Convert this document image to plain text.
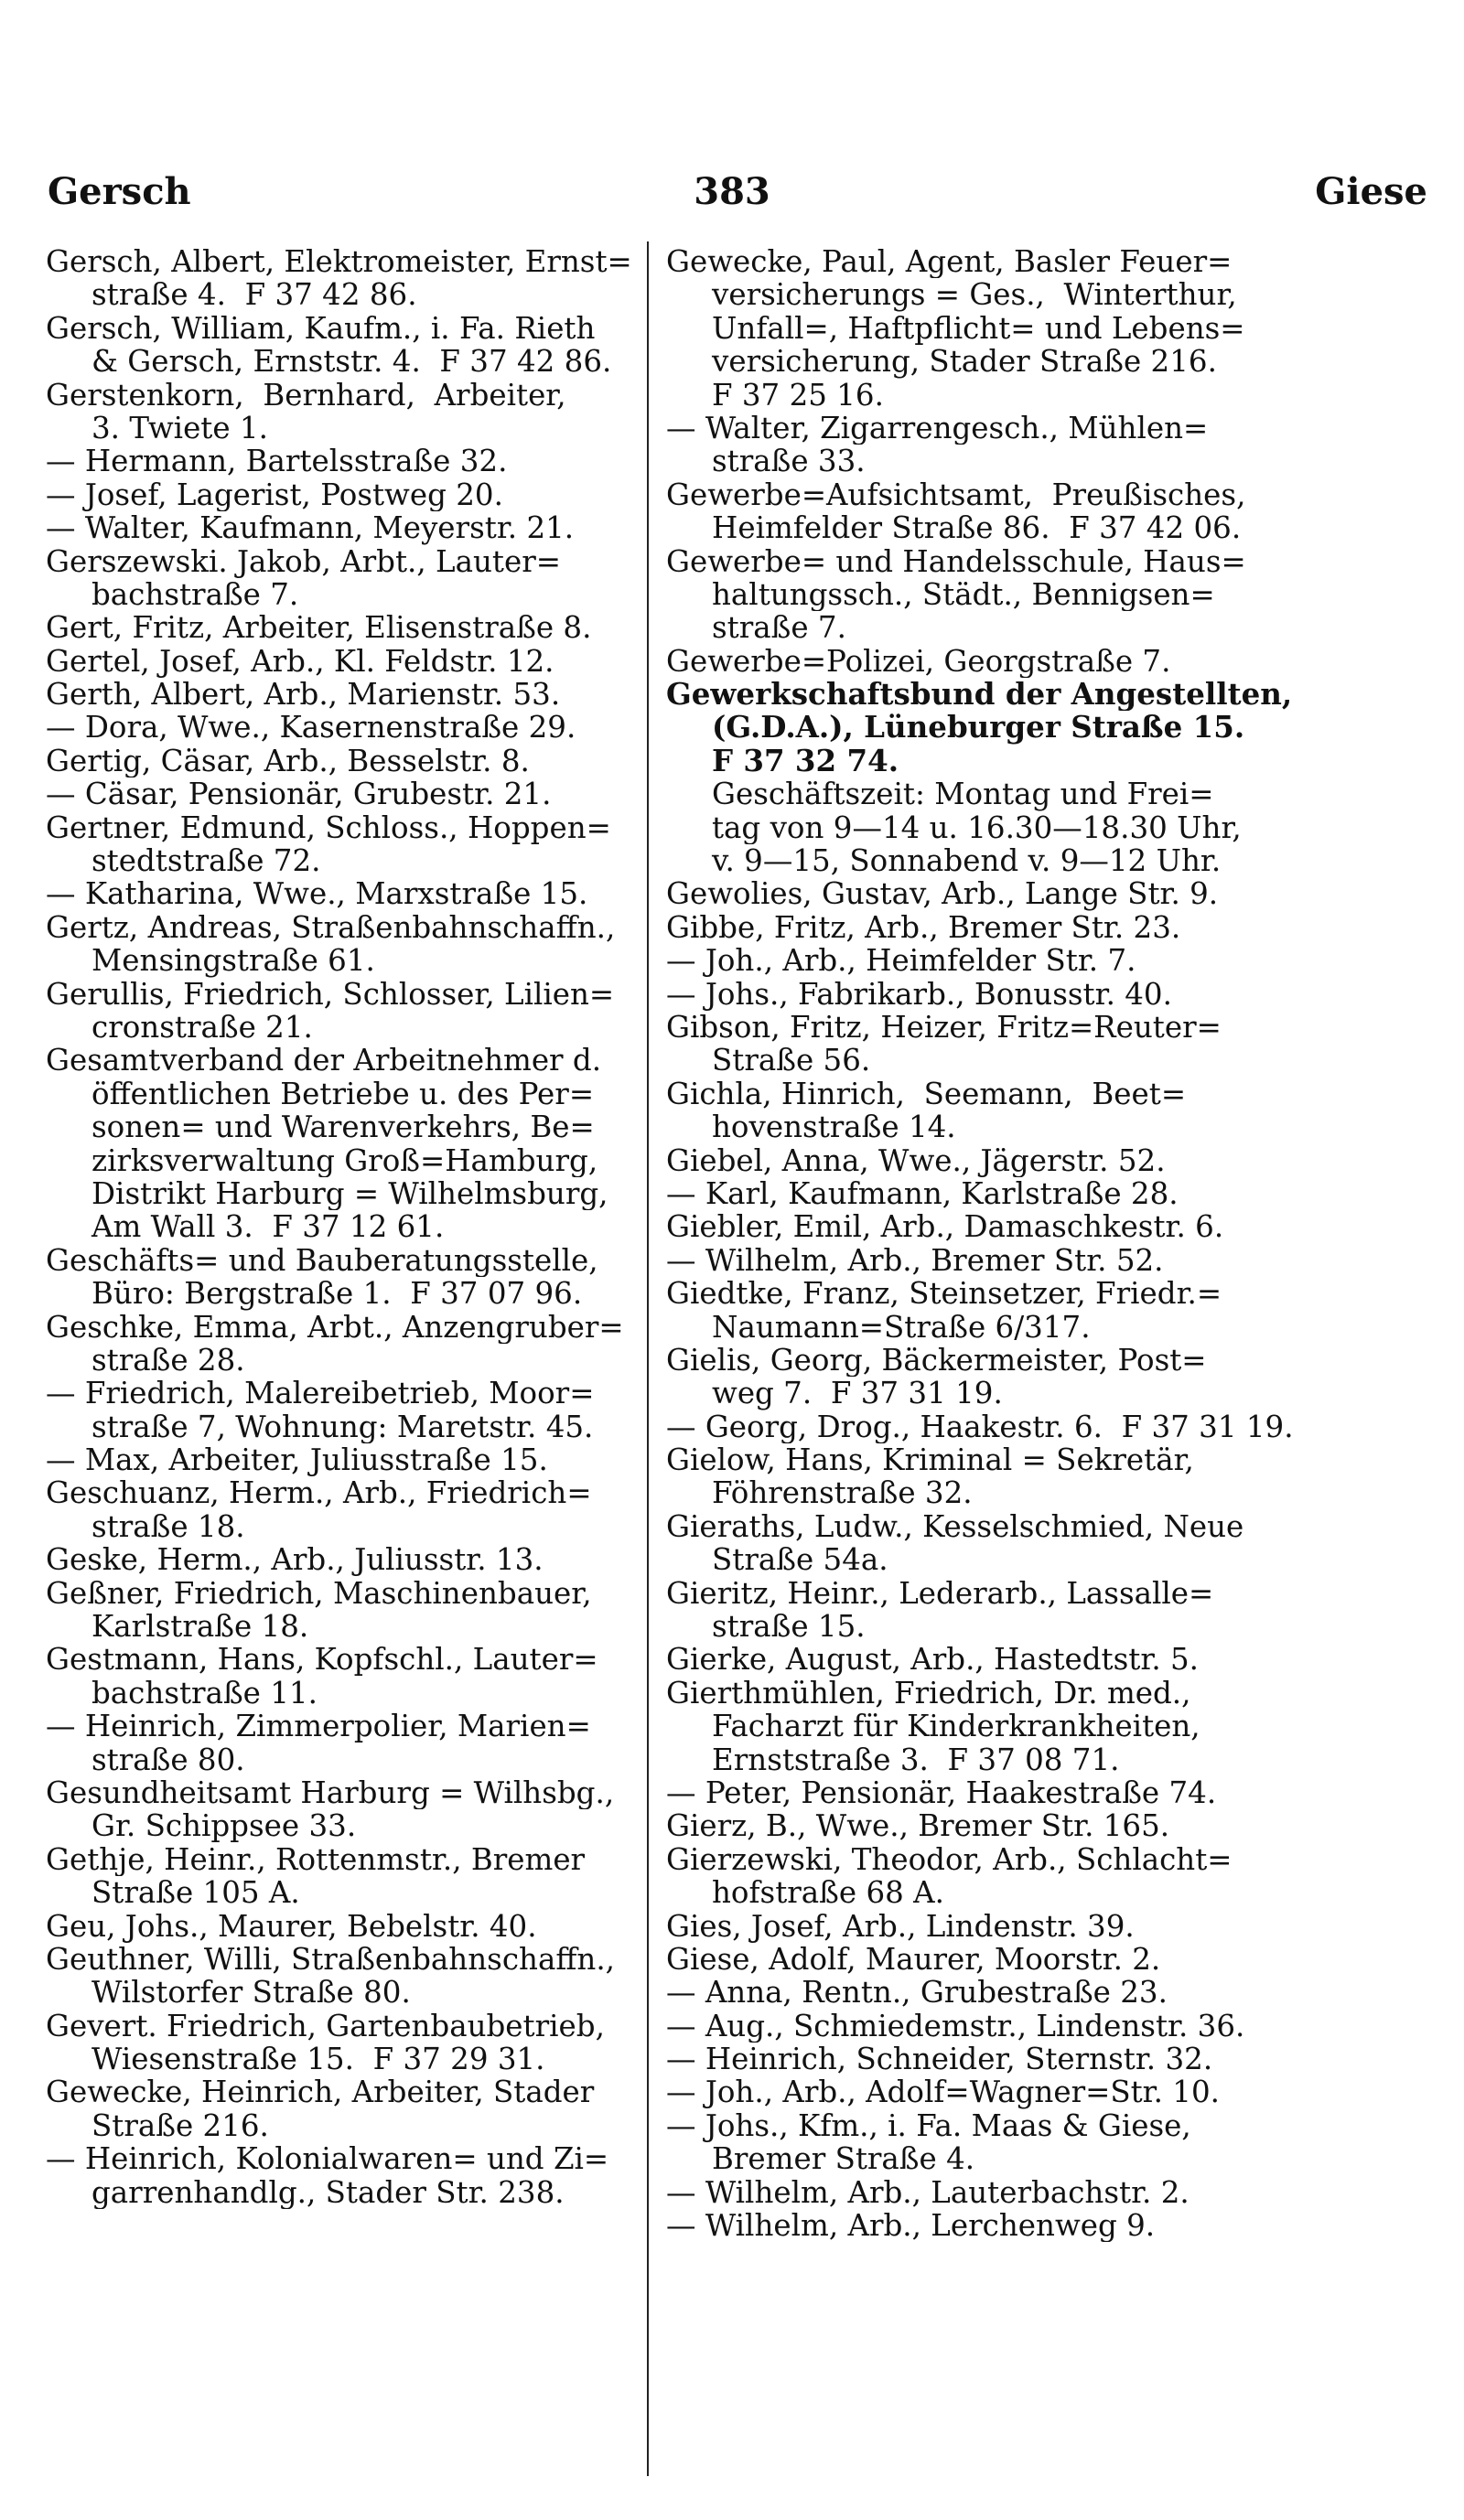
Gersch	383	Giese
Gersch, Albert, Elektromeister, Ernst=
straße 4.  F 37 42 86.
Gersch, William, Kaufm., i. Fa. Rieth
& Gersch, Ernststr. 4.  F 37 42 86.
Gerstenkorn,  Bernhard,  Arbeiter,
3. Twiete 1.
— Hermann, Bartelsstraße 32.
— Josef, Lagerist, Postweg 20.
— Walter, Kaufmann, Meyerstr. 21.
Gerszewski. Jakob, Arbt., Lauter=
bachstraße 7.
Gert, Fritz, Arbeiter, Elisenstraße 8.
Gertel, Josef, Arb., Kl. Feldstr. 12.
Gerth, Albert, Arb., Marienstr. 53.
— Dora, Wwe., Kasernenstraße 29.
Gertig, Cäsar, Arb., Besselstr. 8.
— Cäsar, Pensionär, Grubestr. 21.
Gertner, Edmund, Schloss., Hoppen=
stedtstraße 72.
— Katharina, Wwe., Marxstraße 15.
Gertz, Andreas, Straßenbahnschaffn.,
Mensingstraße 61.
Gerullis, Friedrich, Schlosser, Lilien=
cronstraße 21.
Gesamtverband der Arbeitnehmer d.
öffentlichen Betriebe u. des Per=
sonen= und Warenverkehrs, Be=
zirksverwaltung Groß=Hamburg,
Distrikt Harburg = Wilhelmsburg,
Am Wall 3.  F 37 12 61.
Geschäfts= und Bauberatungsstelle,
Büro: Bergstraße 1.  F 37 07 96.
Geschke, Emma, Arbt., Anzengruber=
straße 28.
— Friedrich, Malereibetrieb, Moor=
straße 7, Wohnung: Maretstr. 45.
— Max, Arbeiter, Juliusstraße 15.
Geschuanz, Herm., Arb., Friedrich=
straße 18.
Geske, Herm., Arb., Juliusstr. 13.
Geßner, Friedrich, Maschinenbauer,
Karlstraße 18.
Gestmann, Hans, Kopfschl., Lauter=
bachstraße 11.
— Heinrich, Zimmerpolier, Marien=
straße 80.
Gesundheitsamt Harburg = Wilhsbg.,
Gr. Schippsee 33.
Gethje, Heinr., Rottenmstr., Bremer
Straße 105 A.
Geu, Johs., Maurer, Bebelstr. 40.
Geuthner, Willi, Straßenbahnschaffn.,
Wilstorfer Straße 80.
Gevert. Friedrich, Gartenbaubetrieb,
Wiesenstraße 15.  F 37 29 31.
Gewecke, Heinrich, Arbeiter, Stader
Straße 216.
— Heinrich, Kolonialwaren= und Zi=
garrenhandlg., Stader Str. 238.
Gewecke, Paul, Agent, Basler Feuer=
versicherungs = Ges.,  Winterthur,
Unfall=, Haftpflicht= und Lebens=
versicherung, Stader Straße 216.
F 37 25 16.
— Walter, Zigarrengesch., Mühlen=
straße 33.
Gewerbe=Aufsichtsamt,  Preußisches,
Heimfelder Straße 86.  F 37 42 06.
Gewerbe= und Handelsschule, Haus=
haltungssch., Städt., Bennigsen=
straße 7.
Gewerbe=Polizei, Georgstraße 7.
Gewerkschaftsbund der Angestellten,
(G.D.A.), Lüneburger Straße 15.
F 37 32 74.
Geschäftszeit: Montag und Frei=
tag von 9—14 u. 16.30—18.30 Uhr,
v. 9—15, Sonnabend v. 9—12 Uhr.
Gewolies, Gustav, Arb., Lange Str. 9.
Gibbe, Fritz, Arb., Bremer Str. 23.
— Joh., Arb., Heimfelder Str. 7.
— Johs., Fabrikarb., Bonusstr. 40.
Gibson, Fritz, Heizer, Fritz=Reuter=
Straße 56.
Gichla, Hinrich,  Seemann,  Beet=
hovenstraße 14.
Giebel, Anna, Wwe., Jägerstr. 52.
— Karl, Kaufmann, Karlstraße 28.
Giebler, Emil, Arb., Damaschkestr. 6.
— Wilhelm, Arb., Bremer Str. 52.
Giedtke, Franz, Steinsetzer, Friedr.=
Naumann=Straße 6/317.
Gielis, Georg, Bäckermeister, Post=
weg 7.  F 37 31 19.
— Georg, Drog., Haakestr. 6.  F 37 31 19.
Gielow, Hans, Kriminal = Sekretär,
Föhrenstraße 32.
Gieraths, Ludw., Kesselschmied, Neue
Straße 54a.
Gieritz, Heinr., Lederarb., Lassalle=
straße 15.
Gierke, August, Arb., Hastedtstr. 5.
Gierthmühlen, Friedrich, Dr. med.,
Facharzt für Kinderkrankheiten,
Ernststraße 3.  F 37 08 71.
— Peter, Pensionär, Haakestraße 74.
Gierz, B., Wwe., Bremer Str. 165.
Gierzewski, Theodor, Arb., Schlacht=
hofstraße 68 A.
Gies, Josef, Arb., Lindenstr. 39.
Giese, Adolf, Maurer, Moorstr. 2.
— Anna, Rentn., Grubestraße 23.
— Aug., Schmiedemstr., Lindenstr. 36.
— Heinrich, Schneider, Sternstr. 32.
— Joh., Arb., Adolf=Wagner=Str. 10.
— Johs., Kfm., i. Fa. Maas & Giese,
Bremer Straße 4.
— Wilhelm, Arb., Lauterbachstr. 2.
— Wilhelm, Arb., Lerchenweg 9.
